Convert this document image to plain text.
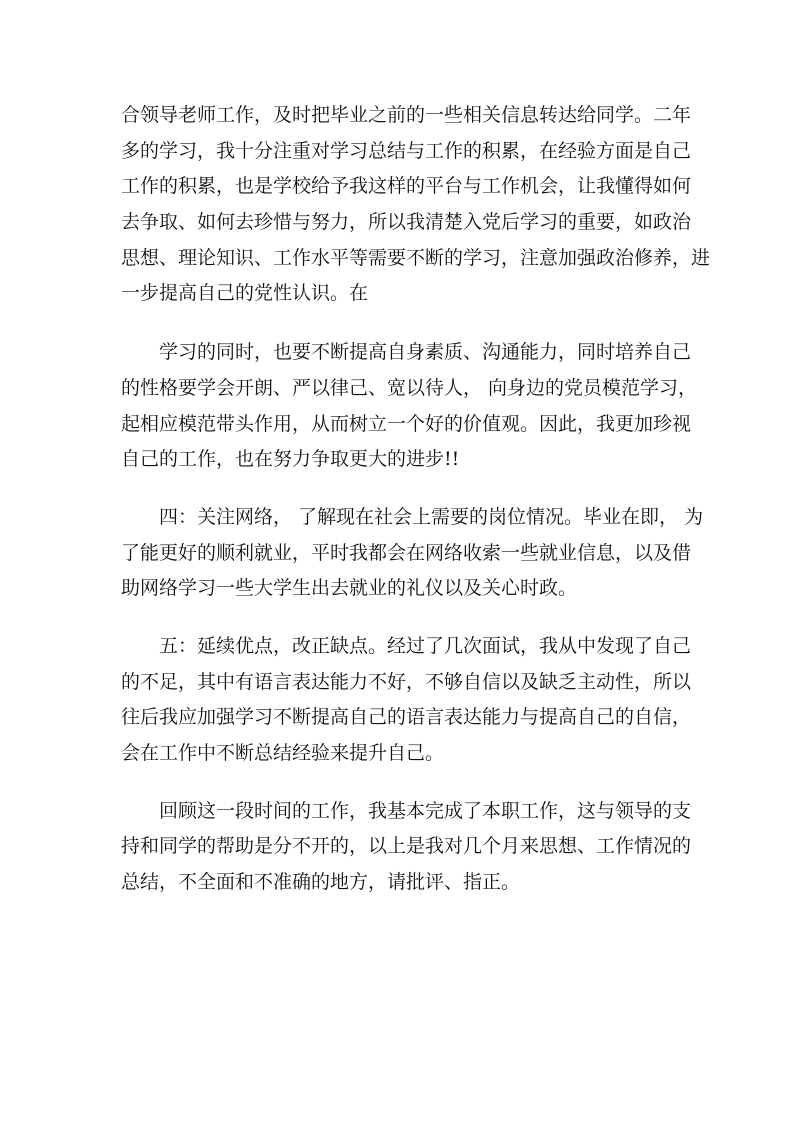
合领导老师工作，及时把毕业之前的一些相关信息转达给同学。二年
多的学习，我十分注重对学习总结与工作的积累，在经验方面是自己
工作的积累，也是学校给予我这样的平台与工作机会，让我懂得如何
去争取、如何去珍惜与努力，所以我清楚入党后学习的重要，如政治
思想、理论知识、工作水平等需要不断的学习，注意加强政治修养，进
一步提高自己的党性认识。在
学习的同时，也要不断提高自身素质、沟通能力，同时培养自己
的性格要学会开朗、严以律己、宽以待人， 向身边的党员模范学习，
起相应模范带头作用，从而树立一个好的价值观。因此，我更加珍视
自己的工作，也在努力争取更大的进步!!
四：关注网络， 了解现在社会上需要的岗位情况。毕业在即， 为
了能更好的顺利就业，平时我都会在网络收索一些就业信息，以及借
助网络学习一些大学生出去就业的礼仪以及关心时政。
五：延续优点，改正缺点。经过了几次面试，我从中发现了自己
的不足，其中有语言表达能力不好，不够自信以及缺乏主动性，所以
往后我应加强学习不断提高自己的语言表达能力与提高自己的自信，
会在工作中不断总结经验来提升自己。
回顾这一段时间的工作，我基本完成了本职工作，这与领导的支
持和同学的帮助是分不开的，以上是我对几个月来思想、工作情况的
总结，不全面和不准确的地方，请批评、指正。
